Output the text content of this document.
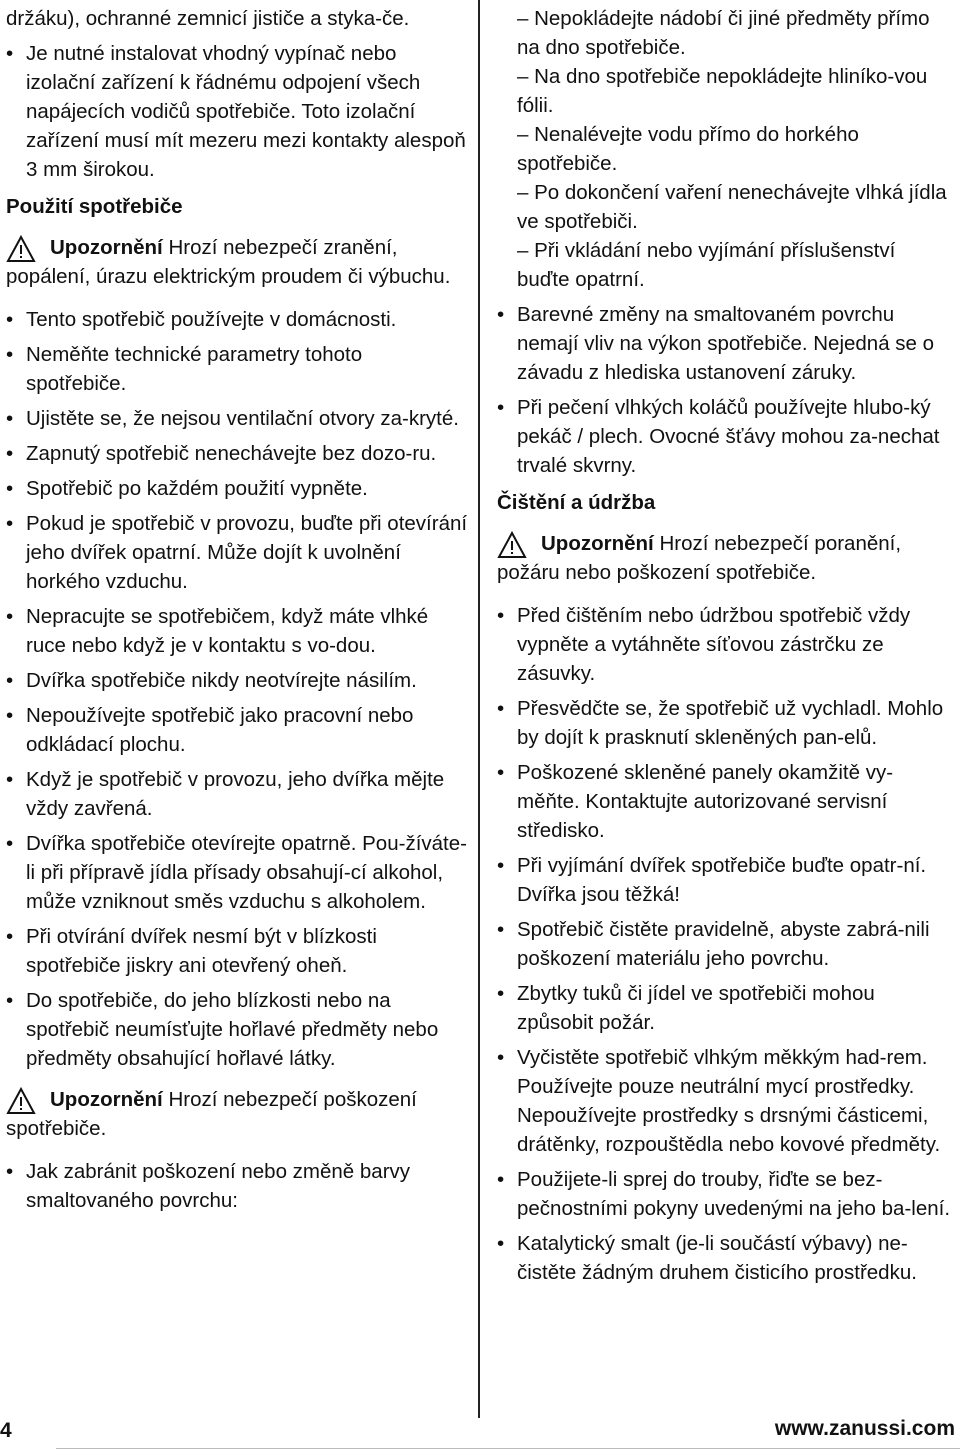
držáku), ochranné zemnicí jističe a styka-če.

• Je nutné instalovat vhodný vypínač nebo izolační zařízení k řádnému odpojení všech napájecích vodičů spotřebiče. Toto izolační zařízení musí mít mezeru mezi kontakty alespoň 3 mm širokou.
Použití spotřebiče

Upozornění Hrozí nebezpečí zranění, popálení, úrazu elektrickým proudem či výbuchu.

• Tento spotřebič používejte v domácnosti.
• Neměňte technické parametry tohoto spotřebiče.
• Ujistěte se, že nejsou ventilační otvory za-kryté.
• Zapnutý spotřebič nenechávejte bez dozo-ru.
• Spotřebič po každém použití vypněte.
• Pokud je spotřebič v provozu, buďte při otevírání jeho dvířek opatrní. Může dojít k uvolnění horkého vzduchu.
• Nepracujte se spotřebičem, když máte vlhké ruce nebo když je v kontaktu s vo-dou.
• Dvířka spotřebiče nikdy neotvírejte násilím.
• Nepoužívejte spotřebič jako pracovní nebo odkládací plochu.
• Když je spotřebič v provozu, jeho dvířka mějte vždy zavřená.
• Dvířka spotřebiče otevírejte opatrně. Pou-žíváte-li při přípravě jídla přísady obsahují-cí alkohol, může vzniknout směs vzduchu s alkoholem.
• Při otvírání dvířek nesmí být v blízkosti spotřebiče jiskry ani otevřený oheň.
• Do spotřebiče, do jeho blízkosti nebo na spotřebič neumísťujte hořlavé předměty nebo předměty obsahující hořlavé látky.

Upozornění Hrozí nebezpečí poškození spotřebiče.

• Jak zabránit poškození nebo změně barvy smaltovaného povrchu:
– Nepokládejte nádobí či jiné předměty přímo na dno spotřebiče.
– Na dno spotřebiče nepokládejte hliníko-vou fólii.
– Nenalévejte vodu přímo do horkého spotřebiče.
– Po dokončení vaření nenechávejte vlhká jídla ve spotřebiči.
– Při vkládání nebo vyjímání příslušenství buďte opatrní.
• Barevné změny na smaltovaném povrchu nemají vliv na výkon spotřebiče. Nejedná se o závadu z hlediska ustanovení záruky.
• Při pečení vlhkých koláčů používejte hlubo-ký pekáč / plech. Ovocné šťávy mohou za-nechat trvalé skvrny.
Čištění a údržba

Upozornění Hrozí nebezpečí poranění, požáru nebo poškození spotřebiče.

• Před čištěním nebo údržbou spotřebič vždy vypněte a vytáhněte síťovou zástrčku ze zásuvky.
• Přesvědčte se, že spotřebič už vychladl. Mohlo by dojít k prasknutí skleněných pan-elů.
• Poškozené skleněné panely okamžitě vy-měňte. Kontaktujte autorizované servisní středisko.
• Při vyjímání dvířek spotřebiče buďte opatr-ní. Dvířka jsou těžká!
• Spotřebič čistěte pravidelně, abyste zabrá-nili poškození materiálu jeho povrchu.
• Zbytky tuků či jídel ve spotřebiči mohou způsobit požár.
• Vyčistěte spotřebič vlhkým měkkým had-rem. Používejte pouze neutrální mycí prostředky. Nepoužívejte prostředky s drsnými částicemi, drátěnky, rozpouštědla nebo kovové předměty.
• Použijete-li sprej do trouby, řiďte se bez-pečnostními pokyny uvedenými na jeho ba-lení.
• Katalytický smalt (je-li součástí výbavy) ne-čistěte žádným druhem čisticího prostředku.
4	www.zanussi.com
